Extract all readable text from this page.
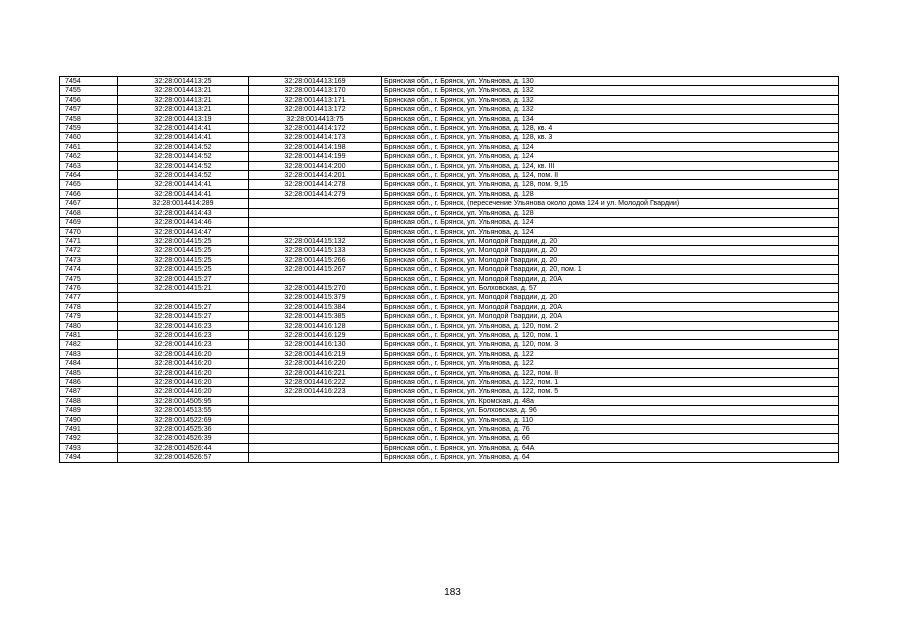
7454	32:28:0014413:25	32:28:0014413:169	Брянская обл., г. Брянск, ул. Ульянова, д. 130
7455	32:28:0014413:21	32:28:0014413:170	Брянская обл., г. Брянск, ул. Ульянова, д. 132
7456	32:28:0014413:21	32:28:0014413:171	Брянская обл., г. Брянск, ул. Ульянова, д. 132
7457	32:28:0014413:21	32:28:0014413:172	Брянская обл., г. Брянск, ул. Ульянова, д. 132
7458	32:28:0014413:19	32:28:0014413:75	Брянская обл., г. Брянск, ул. Ульянова, д. 134
7459	32:28:0014414:41	32:28:0014414:172	Брянская обл., г. Брянск, ул. Ульянова, д. 128, кв. 4
7460	32:28:0014414:41	32:28:0014414:173	Брянская обл., г. Брянск, ул. Ульянова, д. 128, кв. 3
7461	32:28:0014414:52	32:28:0014414:198	Брянская обл., г. Брянск, ул. Ульянова, д. 124
7462	32:28:0014414:52	32:28:0014414:199	Брянская обл., г. Брянск, ул. Ульянова, д. 124
7463	32:28:0014414:52	32:28:0014414:200	Брянская обл., г. Брянск, ул. Ульянова, д. 124, кв. III
7464	32:28:0014414:52	32:28:0014414:201	Брянская обл., г. Брянск, ул. Ульянова, д. 124, пом. II
7465	32:28:0014414:41	32:28:0014414:278	Брянская обл., г. Брянск, ул. Ульянова, д. 128, пом. 9,15
7466	32:28:0014414:41	32:28:0014414:279	Брянская обл., г. Брянск, ул. Ульянова, д. 128
7467	32:28:0014414:289		Брянская обл., г. Брянск, (пересечение Ульянова около дома 124 и ул. Молодой Гвардии)
7468	32:28:0014414:43		Брянская обл., г. Брянск, ул. Ульянова, д. 128
7469	32:28:0014414:46		Брянская обл., г. Брянск, ул. Ульянова, д. 124
7470	32:28:0014414:47		Брянская обл., г. Брянск, ул. Ульянова, д. 124
7471	32:28:0014415:25	32:28:0014415:132	Брянская обл., г. Брянск, ул. Молодой Гвардии, д. 20
7472	32:28:0014415:25	32:28:0014415:133	Брянская обл., г. Брянск, ул. Молодой Гвардии, д. 20
7473	32:28:0014415:25	32:28:0014415:266	Брянская обл., г. Брянск, ул. Молодой Гвардии, д. 20
7474	32:28:0014415:25	32:28:0014415:267	Брянская обл., г. Брянск, ул. Молодой Гвардии, д. 20, пом. 1
7475	32:28:0014415:27		Брянская обл., г. Брянск, ул. Молодой Гвардии, д. 20А
7476	32:28:0014415:21	32:28:0014415:270	Брянская обл., г. Брянск, ул. Болховская, д. 57
7477		32:28:0014415:379	Брянская обл., г. Брянск, ул. Молодой Гвардии, д. 20
7478	32:28:0014415:27	32:28:0014415:384	Брянская обл., г. Брянск, ул. Молодой Гвардии, д. 20А
7479	32:28:0014415:27	32:28:0014415:385	Брянская обл., г. Брянск, ул. Молодой Гвардии, д. 20А
7480	32:28:0014416:23	32:28:0014416:128	Брянская обл., г. Брянск, ул. Ульянова, д. 120, пом. 2
7481	32:28:0014416:23	32:28:0014416:129	Брянская обл., г. Брянск, ул. Ульянова, д. 120, пом. 1
7482	32:28:0014416:23	32:28:0014416:130	Брянская обл., г. Брянск, ул. Ульянова, д. 120, пом. 3
7483	32:28:0014416:20	32:28:0014416:219	Брянская обл., г. Брянск, ул. Ульянова, д. 122
7484	32:28:0014416:20	32:28:0014416:220	Брянская обл., г. Брянск, ул. Ульянова, д. 122
7485	32:28:0014416:20	32:28:0014416:221	Брянская обл., г. Брянск, ул. Ульянова, д. 122, пом. II
7486	32:28:0014416:20	32:28:0014416:222	Брянская обл., г. Брянск, ул. Ульянова, д. 122, пом. 1
7487	32:28:0014416:20	32:28:0014416:223	Брянская обл., г. Брянск, ул. Ульянова, д. 122, пом. 5
7488	32:28:0014505:95		Брянская обл., г. Брянск, ул. Кромская, д. 48а
7489	32:28:0014513:55		Брянская обл., г. Брянск, ул. Болховская, д. 96
7490	32:28:0014522:69		Брянская обл., г. Брянск, ул. Ульянова, д. 110
7491	32:28:0014525:36		Брянская обл., г. Брянск, ул. Ульянова, д. 76
7492	32:28:0014526:39		Брянская обл., г. Брянск, ул. Ульянова, д. 66
7493	32:28:0014526:44		Брянская обл., г. Брянск, ул. Ульянова, д. 64А
7494	32:28:0014526:57		Брянская обл., г. Брянск, ул. Ульянова, д. 64
183
